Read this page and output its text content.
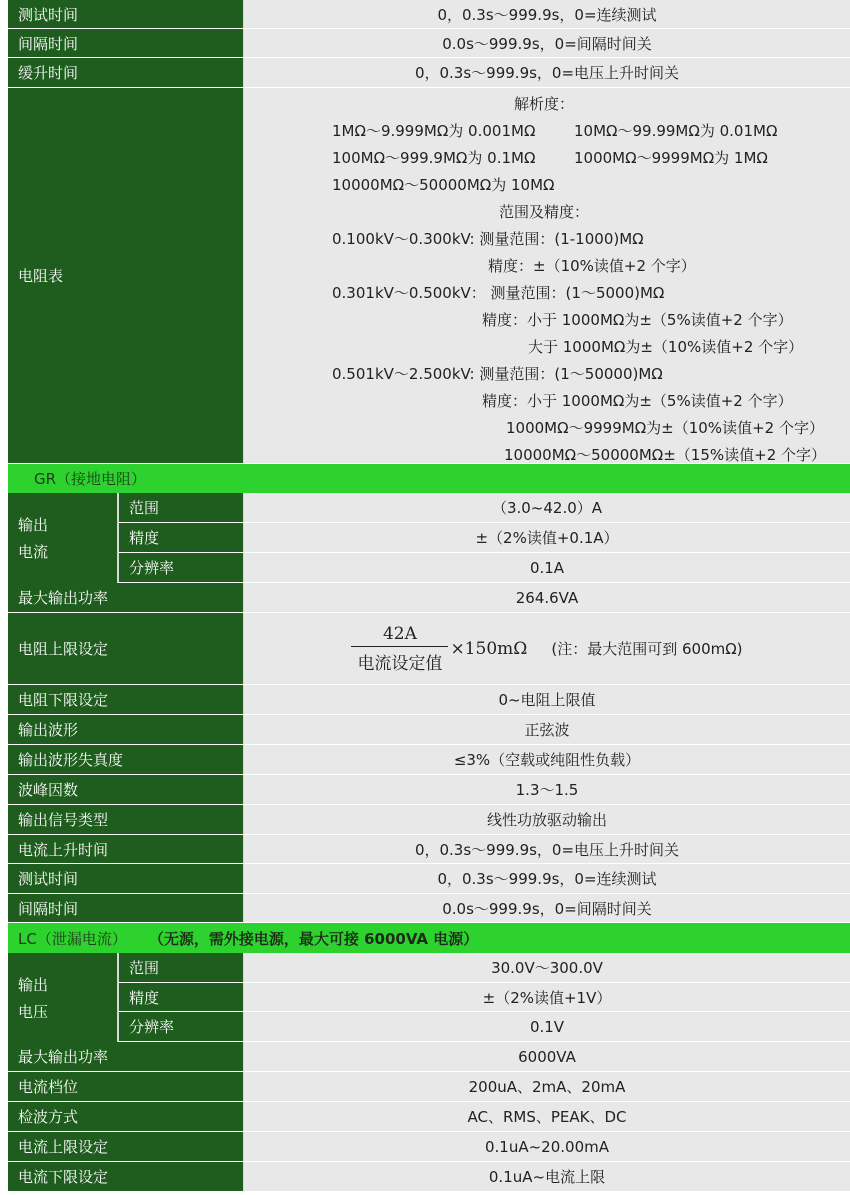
测试时间	0，0.3s～999.9s，0=连续测试
间隔时间	0.0s～999.9s，0=间隔时间关
缓升时间	0，0.3s～999.9s，0=电压上升时间关
电阻表
解析度：
1MΩ～9.999MΩ为 0.001MΩ	10MΩ～99.99MΩ为 0.01MΩ
100MΩ～999.9MΩ为 0.1MΩ	1000MΩ～9999MΩ为 1MΩ
10000MΩ～50000MΩ为 10MΩ
范围及精度：
0.100kV～0.300kV: 测量范围：(1-1000)MΩ
精度：±（10%读值+2 个字）
0.301kV～0.500kV： 测量范围：(1～5000)MΩ
精度：小于 1000MΩ为±（5%读值+2 个字）
大于 1000MΩ为±（10%读值+2 个字）
0.501kV～2.500kV: 测量范围：(1～50000)MΩ
精度：小于 1000MΩ为±（5%读值+2 个字）
1000MΩ～9999MΩ为±（10%读值+2 个字）
10000MΩ～50000MΩ±（15%读值+2 个字）
GR（接地电阻）
输出
电流
范围	（3.0~42.0）A
精度	±（2%读值+0.1A）
分辨率	0.1A
最大输出功率	264.6VA
电阻上限设定	$\frac{42A}{\text{电流设定值}} \times 150m\Omega$ (注：最大范围可到 600mΩ)
电阻下限设定	0~电阻上限值
输出波形	正弦波
输出波形失真度	≤3%（空载或纯阻性负载）
波峰因数	1.3～1.5
输出信号类型	线性功放驱动输出
电流上升时间	0，0.3s～999.9s，0=电压上升时间关
测试时间	0，0.3s～999.9s，0=连续测试
间隔时间	0.0s～999.9s，0=间隔时间关
LC（泄漏电流） （无源，需外接电源，最大可接 6000VA 电源）
输出
电压
范围	30.0V～300.0V
精度	±（2%读值+1V）
分辨率	0.1V
最大输出功率	6000VA
电流档位	200uA、2mA、20mA
检波方式	AC、RMS、PEAK、DC
电流上限设定	0.1uA~20.00mA
电流下限设定	0.1uA~电流上限
